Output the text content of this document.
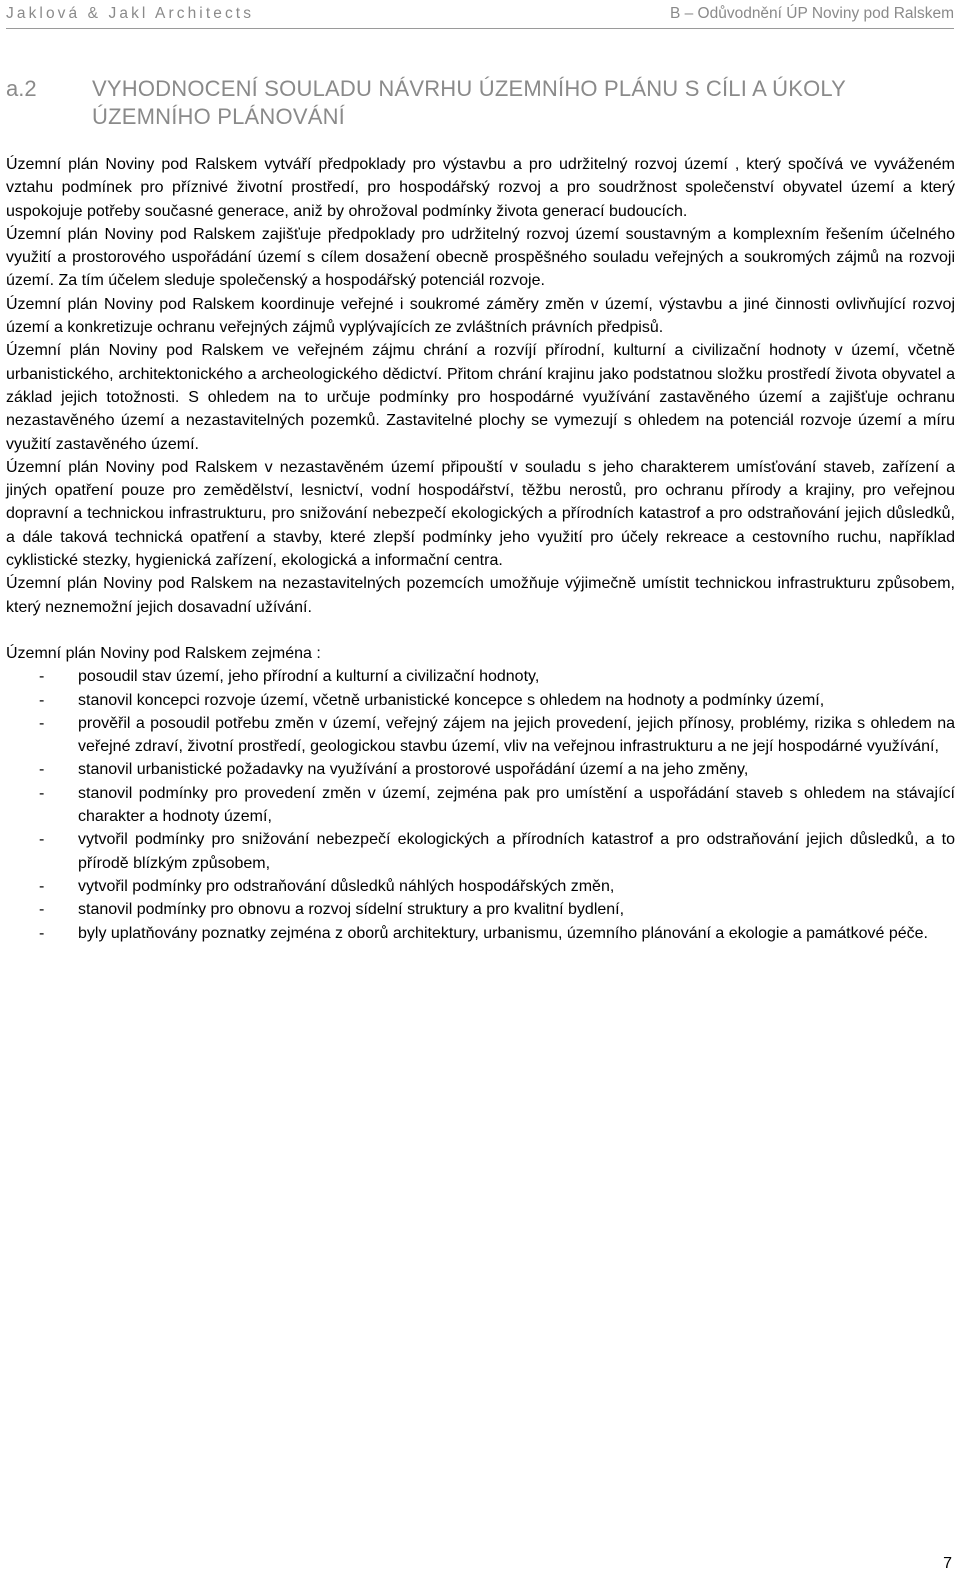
Jaklová & Jakl Architects	B – Odůvodnění ÚP Noviny pod Ralskem
a.2	VYHODNOCENÍ SOULADU NÁVRHU ÚZEMNÍHO PLÁNU S CÍLI A ÚKOLY ÚZEMNÍHO PLÁNOVÁNÍ

Územní plán Noviny pod Ralskem vytváří předpoklady pro výstavbu a pro udržitelný rozvoj území , který spočívá ve vyváženém vztahu podmínek pro příznivé životní prostředí, pro hospodářský rozvoj a pro soudržnost společenství obyvatel území a který uspokojuje potřeby současné generace, aniž by ohrožoval podmínky života generací budoucích.

Územní plán Noviny pod Ralskem zajišťuje předpoklady pro udržitelný rozvoj území soustavným a komplexním řešením účelného využití a prostorového uspořádání území s cílem dosažení obecně prospěšného souladu veřejných a soukromých zájmů na rozvoji území. Za tím účelem sleduje společenský a hospodářský potenciál rozvoje.

Územní plán Noviny pod Ralskem koordinuje veřejné i soukromé záměry změn v území, výstavbu a jiné činnosti ovlivňující rozvoj území a konkretizuje ochranu veřejných zájmů vyplývajících ze zvláštních právních předpisů.

Územní plán Noviny pod Ralskem ve veřejném zájmu chrání a rozvíjí přírodní, kulturní a civilizační hodnoty v území, včetně urbanistického, architektonického a archeologického dědictví. Přitom chrání krajinu jako podstatnou složku prostředí života obyvatel a základ jejich totožnosti. S ohledem na to určuje podmínky pro hospodárné využívání zastavěného území a zajišťuje ochranu nezastavěného území a nezastavitelných pozemků. Zastavitelné plochy se vymezují s ohledem na potenciál rozvoje území a míru využití zastavěného území.

Územní plán Noviny pod Ralskem v nezastavěném území připouští v souladu s jeho charakterem umísťování staveb, zařízení a jiných opatření pouze pro zemědělství, lesnictví, vodní hospodářství, těžbu nerostů, pro ochranu přírody a krajiny, pro veřejnou dopravní a technickou infrastrukturu, pro snižování nebezpečí ekologických a přírodních katastrof a pro odstraňování jejich důsledků, a dále taková technická opatření a stavby, které zlepší podmínky jeho využití pro účely rekreace a cestovního ruchu, například cyklistické stezky, hygienická zařízení, ekologická a informační centra.

Územní plán Noviny pod Ralskem na nezastavitelných pozemcích umožňuje výjimečně umístit technickou infrastrukturu způsobem, který neznemožní jejich dosavadní užívání.

Územní plán Noviny pod Ralskem zejména :

- posoudil stav území, jeho přírodní a kulturní a civilizační hodnoty,
- stanovil koncepci rozvoje území, včetně urbanistické koncepce s ohledem na hodnoty a podmínky území,
- prověřil a posoudil potřebu změn v území, veřejný zájem na jejich provedení, jejich přínosy, problémy, rizika s ohledem na veřejné zdraví, životní prostředí, geologickou stavbu území, vliv na veřejnou infrastrukturu a ne její hospodárné využívání,
- stanovil urbanistické požadavky na využívání a prostorové uspořádání území a na jeho změny,
- stanovil podmínky pro provedení změn v území, zejména pak pro umístění a uspořádání staveb s ohledem na stávající charakter a hodnoty území,
- vytvořil podmínky pro snižování nebezpečí ekologických a přírodních katastrof a pro odstraňování jejich důsledků, a to přírodě blízkým způsobem,
- vytvořil podmínky pro odstraňování důsledků náhlých hospodářských změn,
- stanovil podmínky pro obnovu a rozvoj sídelní struktury a pro kvalitní bydlení,
- byly uplatňovány poznatky zejména z oborů architektury, urbanismu, územního plánování a ekologie a památkové péče.
7
